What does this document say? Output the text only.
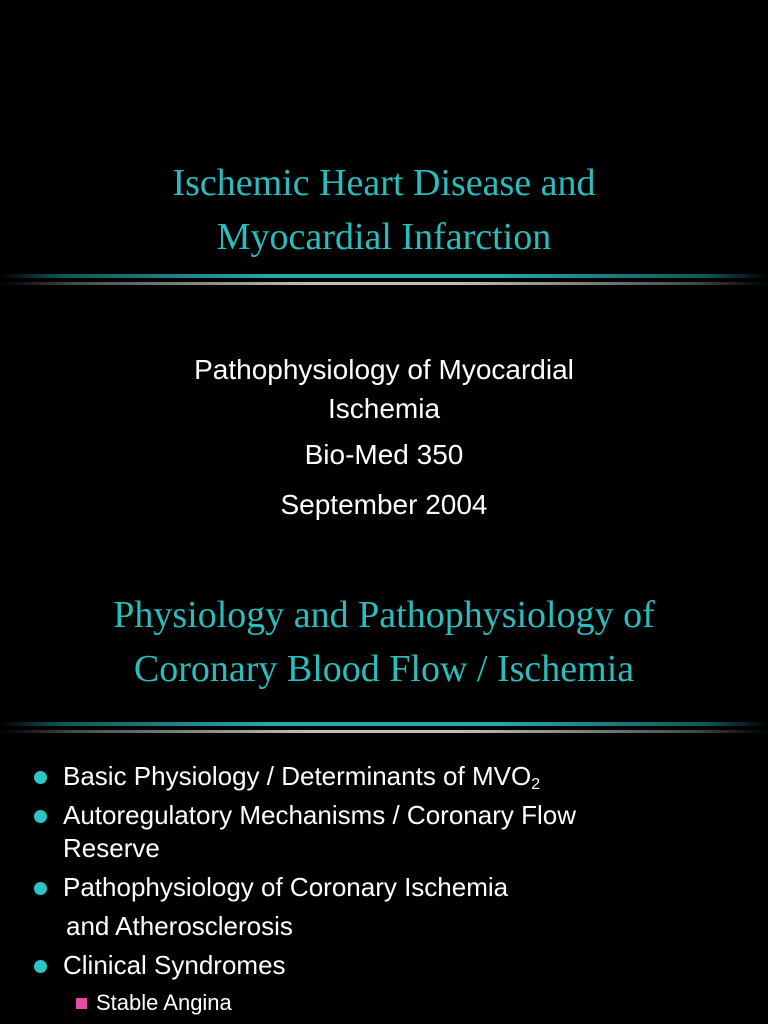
Ischemic Heart Disease and
Myocardial Infarction
Pathophysiology of Myocardial
Ischemia
Bio-Med 350
September 2004
Physiology and Pathophysiology of
Coronary Blood Flow / Ischemia
Basic Physiology / Determinants of $MVO_2$
Autoregulatory Mechanisms / Coronary Flow
Reserve
Pathophysiology of Coronary Ischemia
and Atherosclerosis
Clinical Syndromes
Stable Angina
